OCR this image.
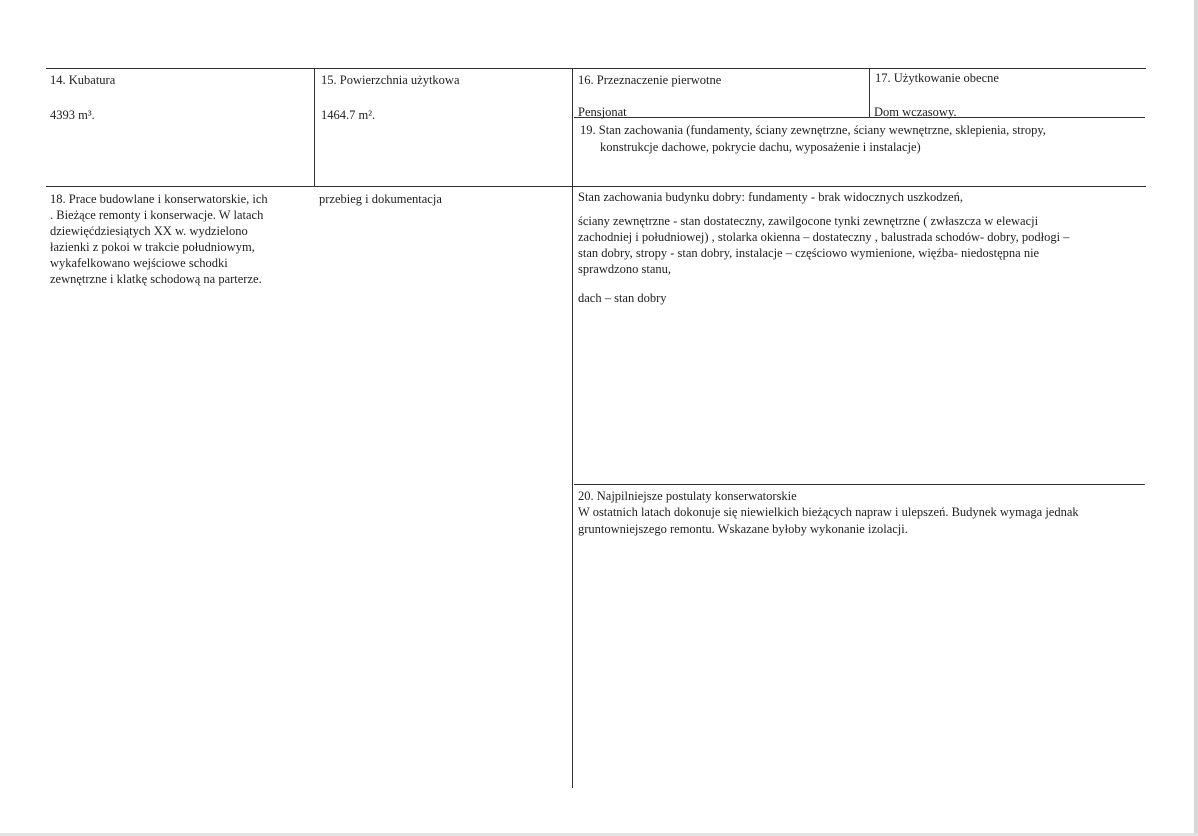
14. Kubatura
4393 m³.
15. Powierzchnia użytkowa
1464.7 m².
16. Przeznaczenie pierwotne
Pensjonat
17. Użytkowanie obecne
Dom wczasowy.
19. Stan zachowania (fundamenty, ściany zewnętrzne, ściany wewnętrzne, sklepienia, stropy,
konstrukcje dachowe, pokrycie dachu, wyposażenie i instalacje)
18. Prace budowlane i konserwatorskie, ich	przebieg i dokumentacja
. Bieżące remonty i konserwacje. W latach
dziewięćdziesiątych XX w. wydzielono
łazienki z pokoi w trakcie południowym,
wykafelkowano wejściowe schodki
zewnętrzne i klatkę schodową na parterze.
Stan zachowania budynku dobry: fundamenty - brak widocznych uszkodzeń,
ściany zewnętrzne - stan dostateczny, zawilgocone tynki zewnętrzne ( zwłaszcza w elewacji
zachodniej i południowej) , stolarka okienna – dostateczny , balustrada schodów- dobry, podłogi –
stan dobry, stropy - stan dobry, instalacje – częściowo wymienione, więźba- niedostępna nie
sprawdzono stanu,
dach – stan dobry
20. Najpilniejsze postulaty konserwatorskie
W ostatnich latach dokonuje się niewielkich bieżących napraw i ulepszeń. Budynek wymaga jednak
gruntowniejszego remontu. Wskazane byłoby wykonanie izolacji.
